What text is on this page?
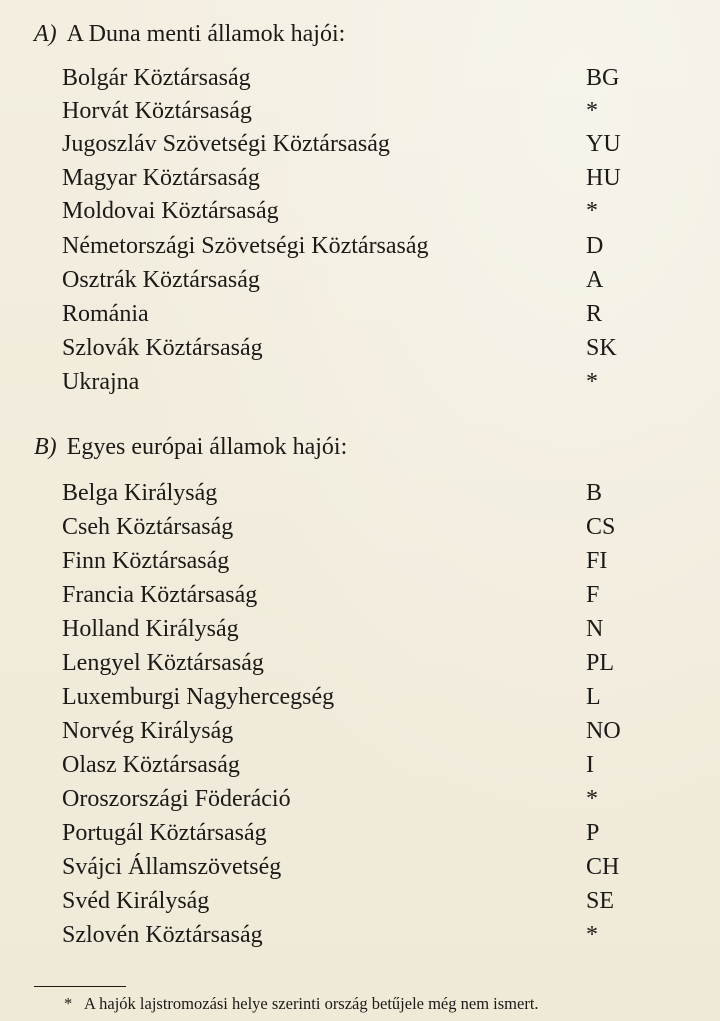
A) A Duna menti államok hajói:
Bolgár Köztársaság	BG
Horvát Köztársaság	*
Jugoszláv Szövetségi Köztársaság	YU
Magyar Köztársaság	HU
Moldovai Köztársaság	*
Németországi Szövetségi Köztársaság	D
Osztrák Köztársaság	A
Románia	R
Szlovák Köztársaság	SK
Ukrajna	*
B) Egyes európai államok hajói:
Belga Királyság	B
Cseh Köztársaság	CS
Finn Köztársaság	FI
Francia Köztársaság	F
Holland Királyság	N
Lengyel Köztársaság	PL
Luxemburgi Nagyhercegség	L
Norvég Királyság	NO
Olasz Köztársaság	I
Oroszországi Föderáció	*
Portugál Köztársaság	P
Svájci Államszövetség	CH
Svéd Királyság	SE
Szlovén Köztársaság	*
* A hajók lajstromozási helye szerinti ország betűjele még nem ismert.
